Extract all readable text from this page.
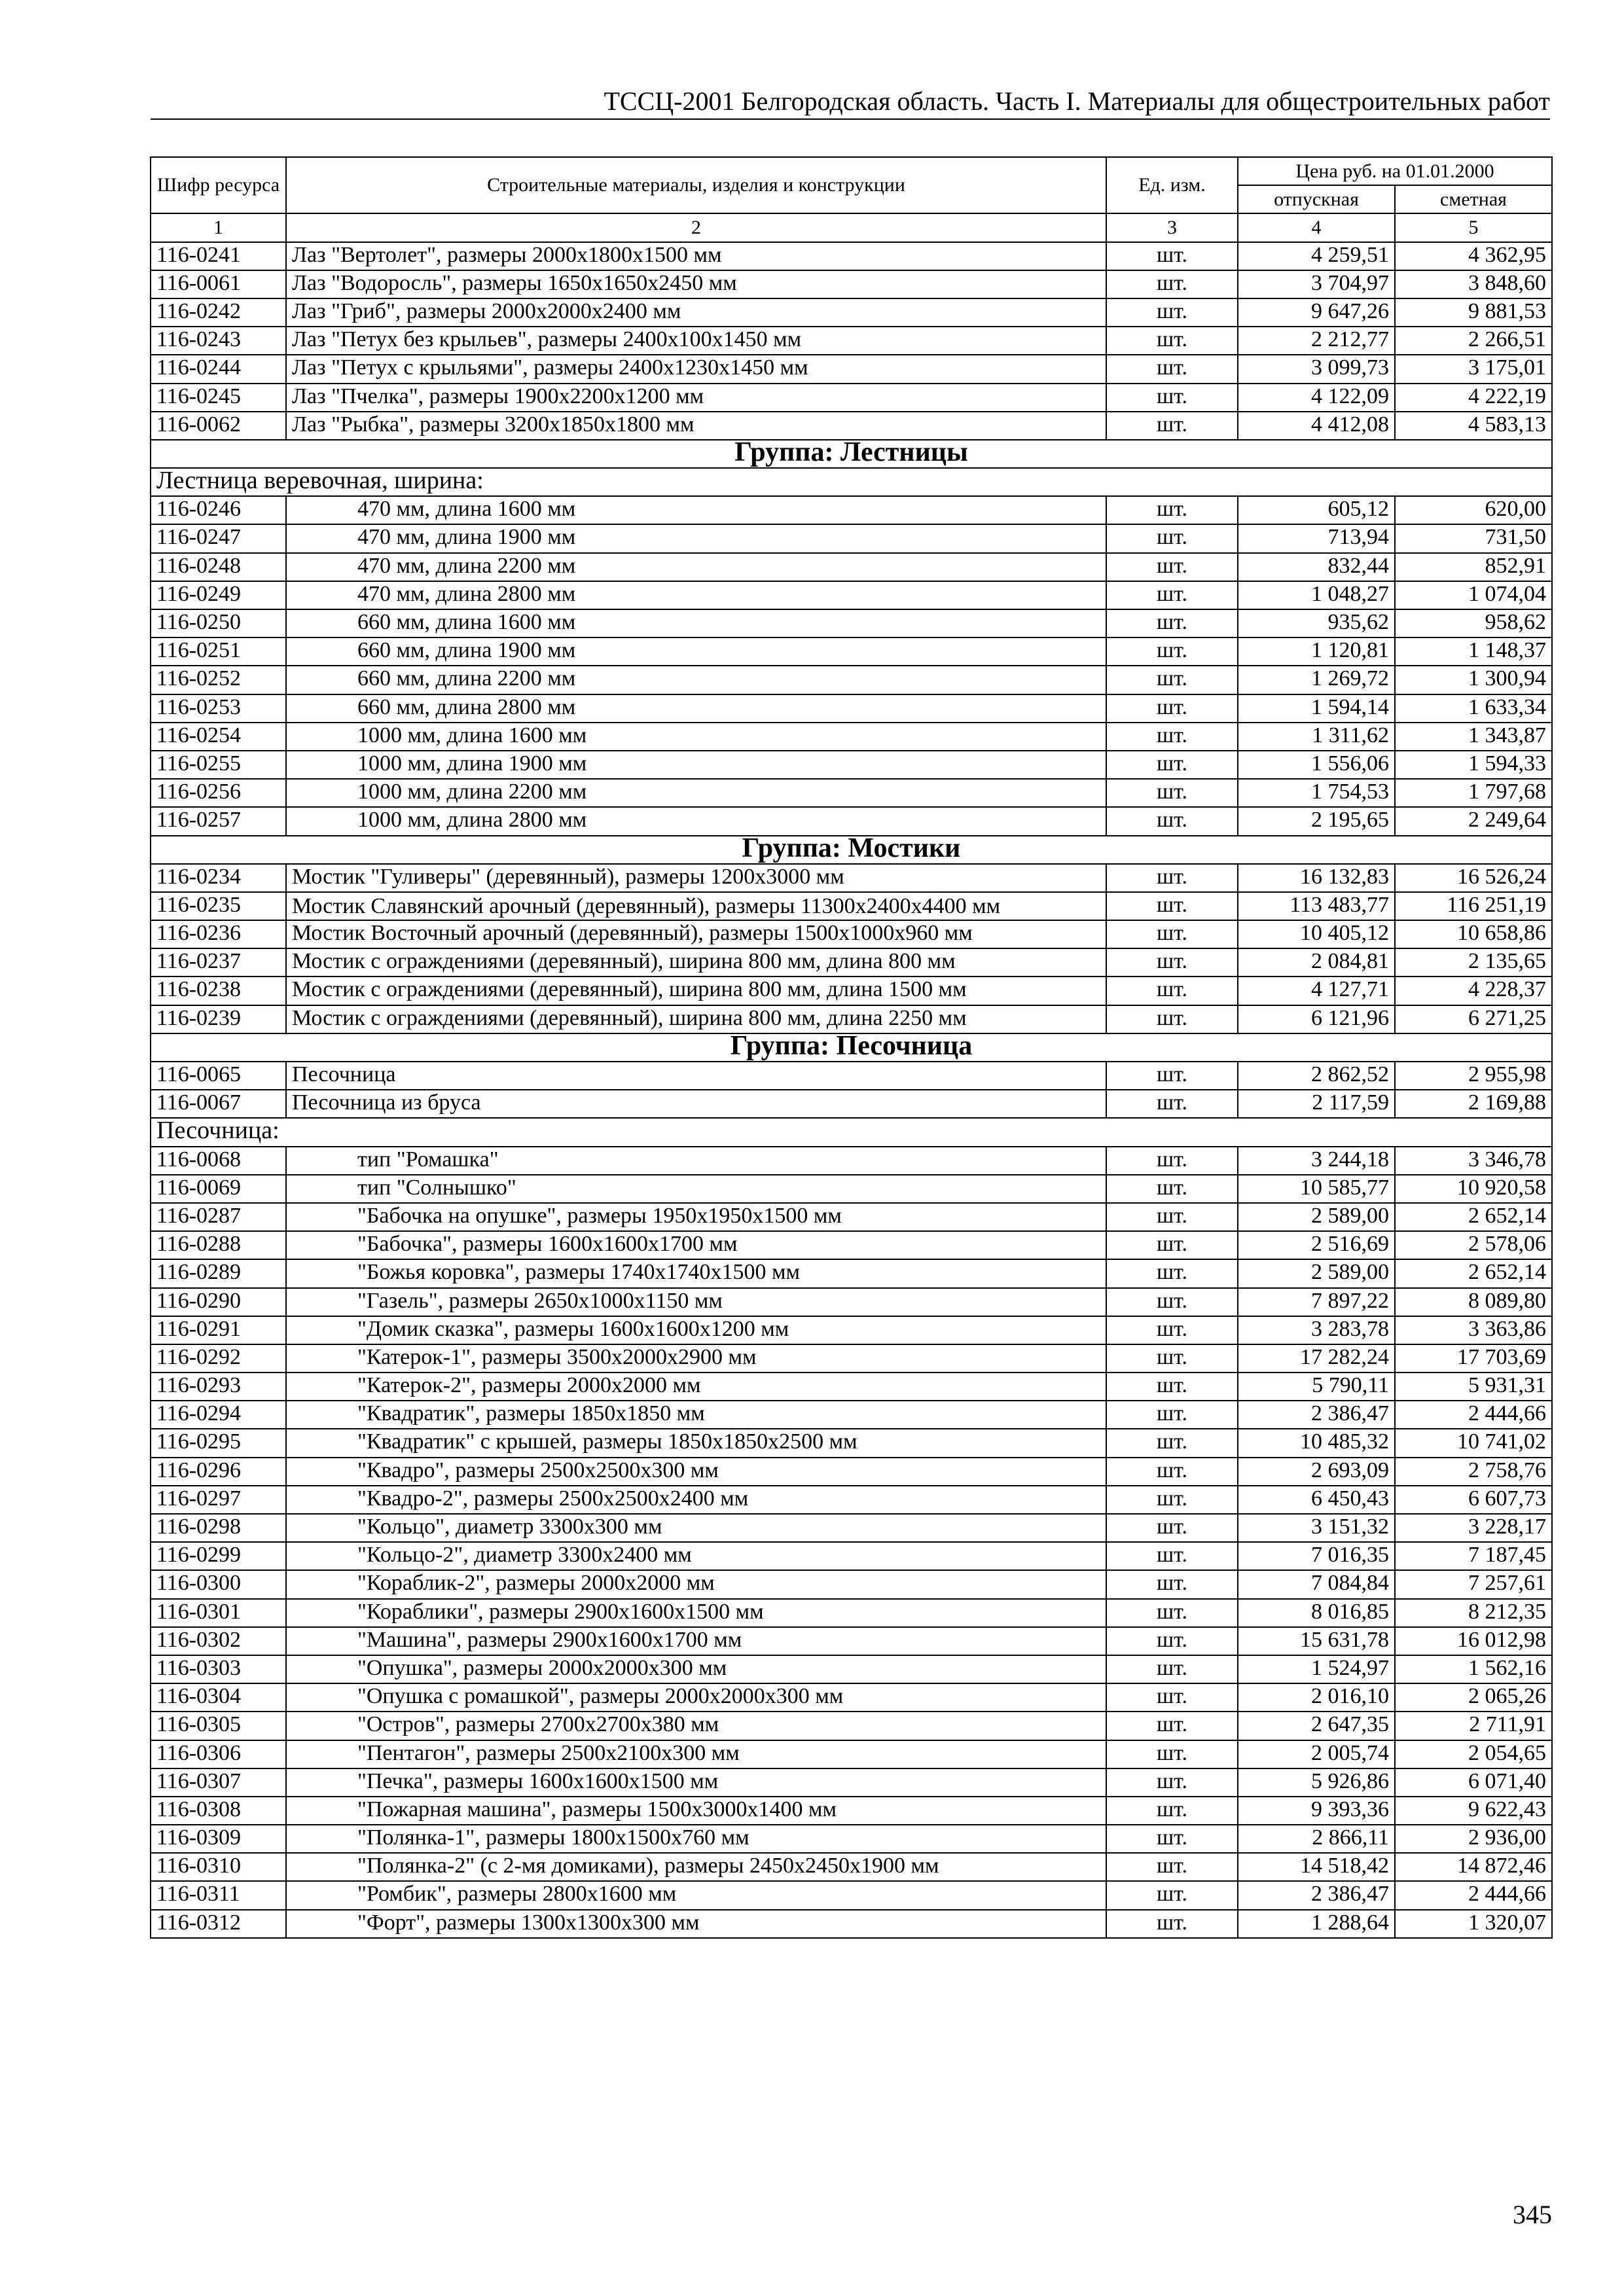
ТССЦ-2001 Белгородская область. Часть I. Материалы для общестроительных работ
Шифр ресурса	Строительные материалы, изделия и конструкции	Ед. изм.	Цена руб. на 01.01.2000	
			отпускная	сметная
1	2	3	4	5
116-0241	Лаз "Вертолет", размеры 2000х1800х1500 мм	шт.	4 259,51	4 362,95
116-0061	Лаз "Водоросль", размеры 1650х1650х2450 мм	шт.	3 704,97	3 848,60
116-0242	Лаз "Гриб", размеры 2000х2000х2400 мм	шт.	9 647,26	9 881,53
116-0243	Лаз "Петух без крыльев", размеры 2400х100х1450 мм	шт.	2 212,77	2 266,51
116-0244	Лаз "Петух с крыльями", размеры 2400х1230х1450 мм	шт.	3 099,73	3 175,01
116-0245	Лаз "Пчелка", размеры 1900х2200х1200 мм	шт.	4 122,09	4 222,19
116-0062	Лаз "Рыбка", размеры 3200х1850х1800 мм	шт.	4 412,08	4 583,13
Группа: Лестницы				
Лестница веревочная, ширина:				
116-0246	470 мм, длина 1600 мм	шт.	605,12	620,00
116-0247	470 мм, длина 1900 мм	шт.	713,94	731,50
116-0248	470 мм, длина 2200 мм	шт.	832,44	852,91
116-0249	470 мм, длина 2800 мм	шт.	1 048,27	1 074,04
116-0250	660 мм, длина 1600 мм	шт.	935,62	958,62
116-0251	660 мм, длина 1900 мм	шт.	1 120,81	1 148,37
116-0252	660 мм, длина 2200 мм	шт.	1 269,72	1 300,94
116-0253	660 мм, длина 2800 мм	шт.	1 594,14	1 633,34
116-0254	1000 мм, длина 1600 мм	шт.	1 311,62	1 343,87
116-0255	1000 мм, длина 1900 мм	шт.	1 556,06	1 594,33
116-0256	1000 мм, длина 2200 мм	шт.	1 754,53	1 797,68
116-0257	1000 мм, длина 2800 мм	шт.	2 195,65	2 249,64
Группа: Мостики				
116-0234	Мостик "Гуливеры" (деревянный), размеры 1200х3000 мм	шт.	16 132,83	16 526,24
116-0235	Мостик Славянский арочный (деревянный), размеры 11300х2400х4400 мм	шт.	113 483,77	116 251,19
116-0236	Мостик Восточный арочный (деревянный), размеры 1500х1000х960 мм	шт.	10 405,12	10 658,86
116-0237	Мостик с ограждениями (деревянный), ширина 800 мм, длина 800 мм	шт.	2 084,81	2 135,65
116-0238	Мостик с ограждениями (деревянный), ширина 800 мм, длина 1500 мм	шт.	4 127,71	4 228,37
116-0239	Мостик с ограждениями (деревянный), ширина 800 мм, длина 2250 мм	шт.	6 121,96	6 271,25
Группа: Песочница				
116-0065	Песочница	шт.	2 862,52	2 955,98
116-0067	Песочница из бруса	шт.	2 117,59	2 169,88
Песочница:				
116-0068	тип "Ромашка"	шт.	3 244,18	3 346,78
116-0069	тип "Солнышко"	шт.	10 585,77	10 920,58
116-0287	"Бабочка на опушке", размеры 1950х1950х1500 мм	шт.	2 589,00	2 652,14
116-0288	"Бабочка", размеры 1600х1600х1700 мм	шт.	2 516,69	2 578,06
116-0289	"Божья коровка", размеры 1740х1740х1500 мм	шт.	2 589,00	2 652,14
116-0290	"Газель", размеры 2650х1000х1150 мм	шт.	7 897,22	8 089,80
116-0291	"Домик сказка", размеры 1600х1600х1200 мм	шт.	3 283,78	3 363,86
116-0292	"Катерок-1", размеры 3500х2000х2900 мм	шт.	17 282,24	17 703,69
116-0293	"Катерок-2", размеры 2000х2000 мм	шт.	5 790,11	5 931,31
116-0294	"Квадратик", размеры 1850х1850 мм	шт.	2 386,47	2 444,66
116-0295	"Квадратик" с крышей, размеры 1850х1850х2500 мм	шт.	10 485,32	10 741,02
116-0296	"Квадро", размеры 2500х2500х300 мм	шт.	2 693,09	2 758,76
116-0297	"Квадро-2", размеры 2500х2500х2400 мм	шт.	6 450,43	6 607,73
116-0298	"Кольцо", диаметр 3300х300 мм	шт.	3 151,32	3 228,17
116-0299	"Кольцо-2", диаметр 3300х2400 мм	шт.	7 016,35	7 187,45
116-0300	"Кораблик-2", размеры 2000х2000 мм	шт.	7 084,84	7 257,61
116-0301	"Кораблики", размеры 2900х1600х1500 мм	шт.	8 016,85	8 212,35
116-0302	"Машина", размеры 2900х1600х1700 мм	шт.	15 631,78	16 012,98
116-0303	"Опушка", размеры 2000х2000х300 мм	шт.	1 524,97	1 562,16
116-0304	"Опушка с ромашкой", размеры 2000х2000х300 мм	шт.	2 016,10	2 065,26
116-0305	"Остров", размеры 2700х2700х380 мм	шт.	2 647,35	2 711,91
116-0306	"Пентагон", размеры 2500х2100х300 мм	шт.	2 005,74	2 054,65
116-0307	"Печка", размеры 1600х1600х1500 мм	шт.	5 926,86	6 071,40
116-0308	"Пожарная машина", размеры 1500х3000х1400 мм	шт.	9 393,36	9 622,43
116-0309	"Полянка-1", размеры 1800х1500х760 мм	шт.	2 866,11	2 936,00
116-0310	"Полянка-2" (с 2-мя домиками), размеры 2450х2450х1900 мм	шт.	14 518,42	14 872,46
116-0311	"Ромбик", размеры 2800х1600 мм	шт.	2 386,47	2 444,66
116-0312	"Форт", размеры 1300х1300х300 мм	шт.	1 288,64	1 320,07
345
